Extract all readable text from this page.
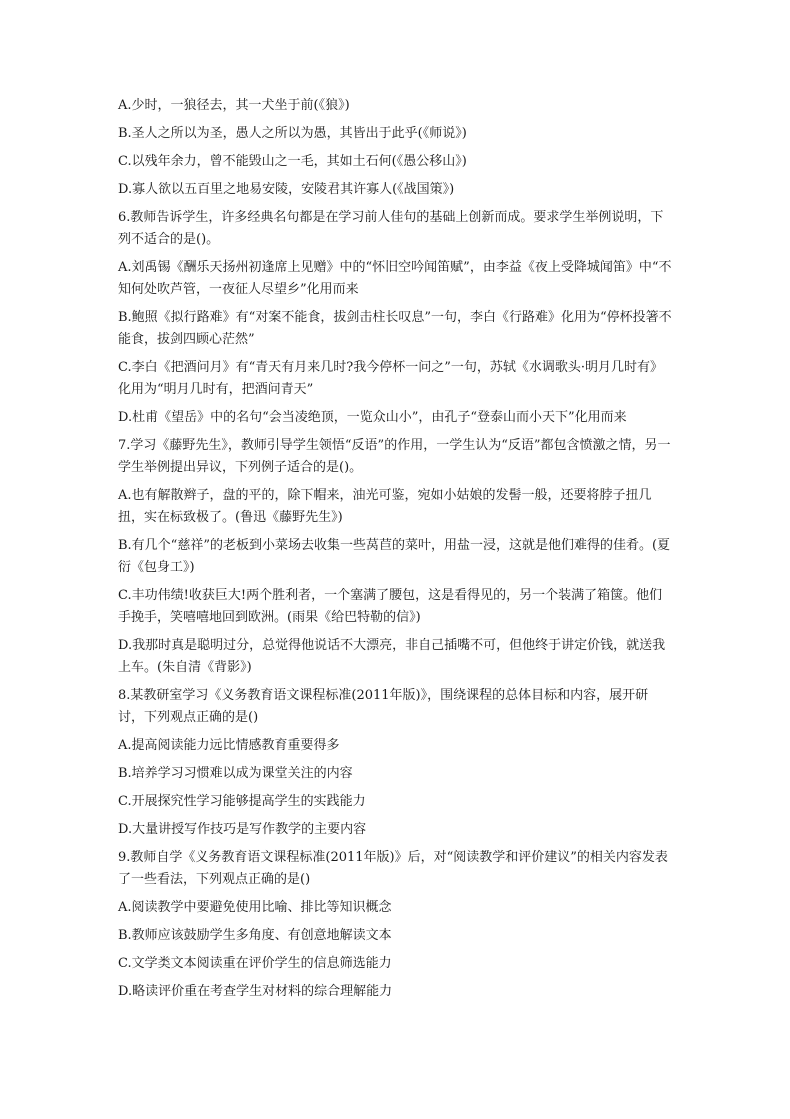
A.少时，一狼径去，其一犬坐于前(《狼》)

B.圣人之所以为圣，愚人之所以为愚，其皆出于此乎(《师说》)

C.以残年余力，曾不能毁山之一毛，其如土石何(《愚公移山》)

D.寡人欲以五百里之地易安陵，安陵君其许寡人(《战国策》)

6.教师告诉学生，许多经典名句都是在学习前人佳句的基础上创新而成。要求学生举例说明，下列不适合的是()。

A.刘禹锡《酬乐天扬州初逢席上见赠》中的“怀旧空吟闻笛赋”，由李益《夜上受降城闻笛》中“不知何处吹芦管，一夜征人尽望乡”化用而来

B.鲍照《拟行路难》有“对案不能食，拔剑击柱长叹息”一句，李白《行路难》化用为“停杯投箸不能食，拔剑四顾心茫然”

C.李白《把酒问月》有“青天有月来几时?我今停杯一问之”一句，苏轼《水调歌头·明月几时有》化用为“明月几时有，把酒问青天”

D.杜甫《望岳》中的名句“会当凌绝顶，一览众山小”，由孔子“登泰山而小天下”化用而来

7.学习《藤野先生》，教师引导学生领悟“反语”的作用，一学生认为“反语”都包含愤激之情，另一学生举例提出异议，下列例子适合的是()。

A.也有解散辫子，盘的平的，除下帽来，油光可鉴，宛如小姑娘的发髻一般，还要将脖子扭几扭，实在标致极了。(鲁迅《藤野先生》)

B.有几个“慈祥”的老板到小菜场去收集一些莴苣的菜叶，用盐一浸，这就是他们难得的佳肴。(夏衍《包身工》)

C.丰功伟绩!收获巨大!两个胜利者，一个塞满了腰包，这是看得见的，另一个装满了箱箧。他们手挽手，笑嘻嘻地回到欧洲。(雨果《给巴特勒的信》)

D.我那时真是聪明过分，总觉得他说话不大漂亮，非自己插嘴不可，但他终于讲定价钱，就送我上车。(朱自清《背影》)

8.某教研室学习《义务教育语文课程标准(2011年版)》，围绕课程的总体目标和内容，展开研讨，下列观点正确的是()

A.提高阅读能力远比情感教育重要得多

B.培养学习习惯难以成为课堂关注的内容

C.开展探究性学习能够提高学生的实践能力

D.大量讲授写作技巧是写作教学的主要内容

9.教师自学《义务教育语文课程标准(2011年版)》后，对“阅读教学和评价建议”的相关内容发表了一些看法，下列观点正确的是()

A.阅读教学中要避免使用比喻、排比等知识概念

B.教师应该鼓励学生多角度、有创意地解读文本

C.文学类文本阅读重在评价学生的信息筛选能力

D.略读评价重在考查学生对材料的综合理解能力
